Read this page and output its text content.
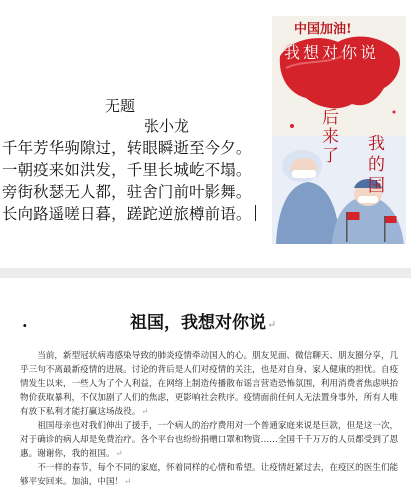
无题
张小龙
千年芳华驹隙过，转眼瞬逝至今夕。
一朝疫来如洪发，千里长城屹不塌。
旁街秋瑟无人都，驻舍门前叶影舞。
长向路遥嗟日暮，蹉跎逆旅樽前语。
中国加油!
我想对你说
后来了 我的国
·	祖国，我想对你说↵

当前，新型冠状病毒感染导致的肺炎疫情牵动国人的心。朋友见面、微信聊天、朋友圈分享，几乎三句不离最新疫情的进展。讨论的背后是人们对疫情的关注，也是对自身、家人健康的担忧。自疫情发生以来，一些人为了个人利益，在网络上制造传播散布谣言营造恐怖氛围，利用消费者焦虑哄抬物价获取暴利，不仅加剧了人们的焦虑，更影响社会秩序。疫情面前任何人无法置身事外，所有人唯有放下私利才能打赢这场战役。↵

祖国母亲也对我们伸出了援手，一个病人的治疗费用对一个普通家庭来说是巨款，但是这一次，对于确诊的病人却是免费治疗。各个平台也纷纷捐赠口罩和物资……全国千千万万的人员都受到了恩惠。谢谢你，我的祖国。↵

不一样的春节，每个不同的家庭，怀着同样的心情和希望。让疫情赶紧过去，在疫区的医生们能够平安回来。加油，中国！↵
